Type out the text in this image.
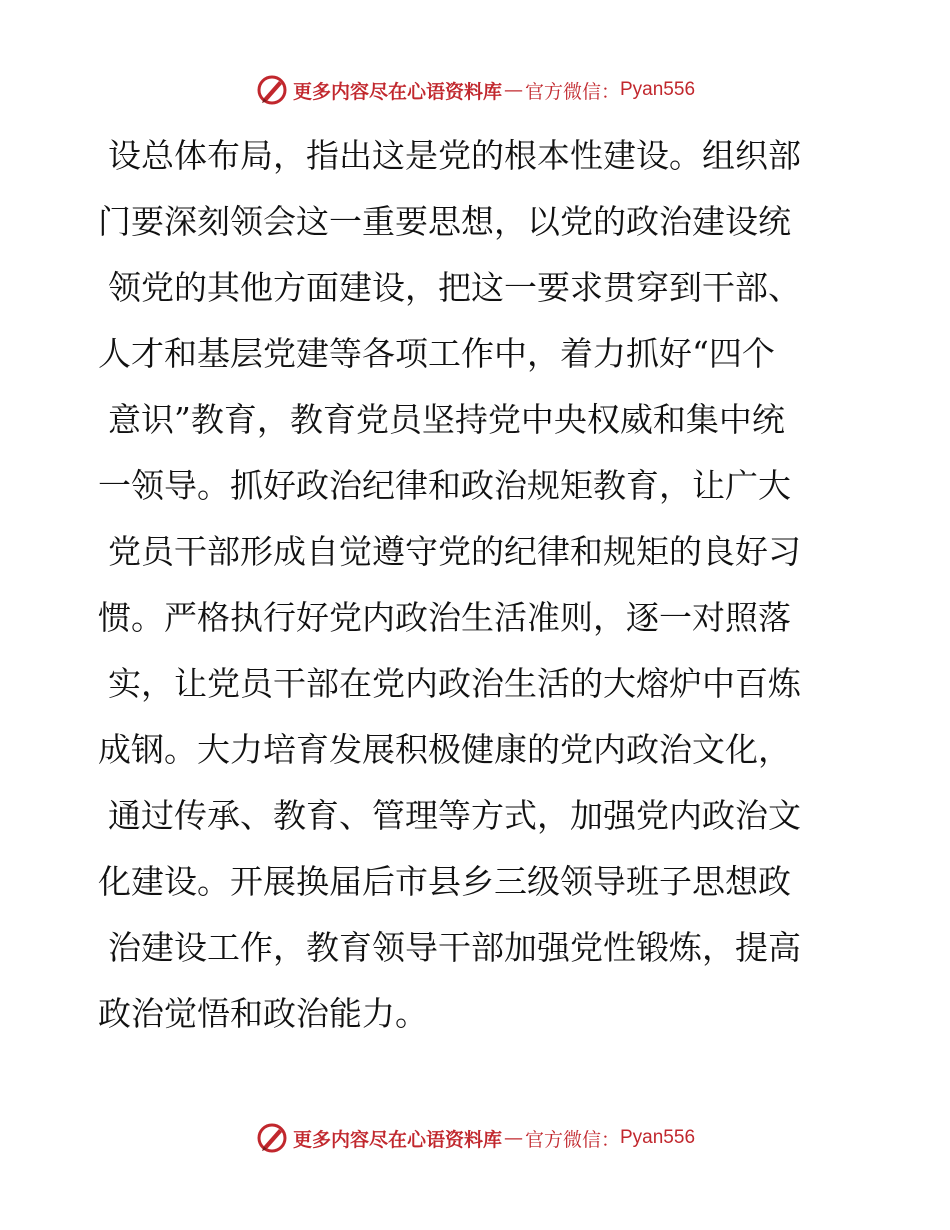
更多内容尽在心语资料库 — 官方微信： Pyan556
设总体布局，指出这是党的根本性建设。组织部
门要深刻领会这一重要思想，以党的政治建设统
领党的其他方面建设，把这一要求贯穿到干部、
人才和基层党建等各项工作中，着力抓好“四个
意识”教育，教育党员坚持党中央权威和集中统
一领导。抓好政治纪律和政治规矩教育，让广大
党员干部形成自觉遵守党的纪律和规矩的良好习
惯。严格执行好党内政治生活准则，逐一对照落
实，让党员干部在党内政治生活的大熔炉中百炼
成钢。大力培育发展积极健康的党内政治文化，
通过传承、教育、管理等方式，加强党内政治文
化建设。开展换届后市县乡三级领导班子思想政
治建设工作，教育领导干部加强党性锻炼，提高
政治觉悟和政治能力。
更多内容尽在心语资料库 — 官方微信： Pyan556
